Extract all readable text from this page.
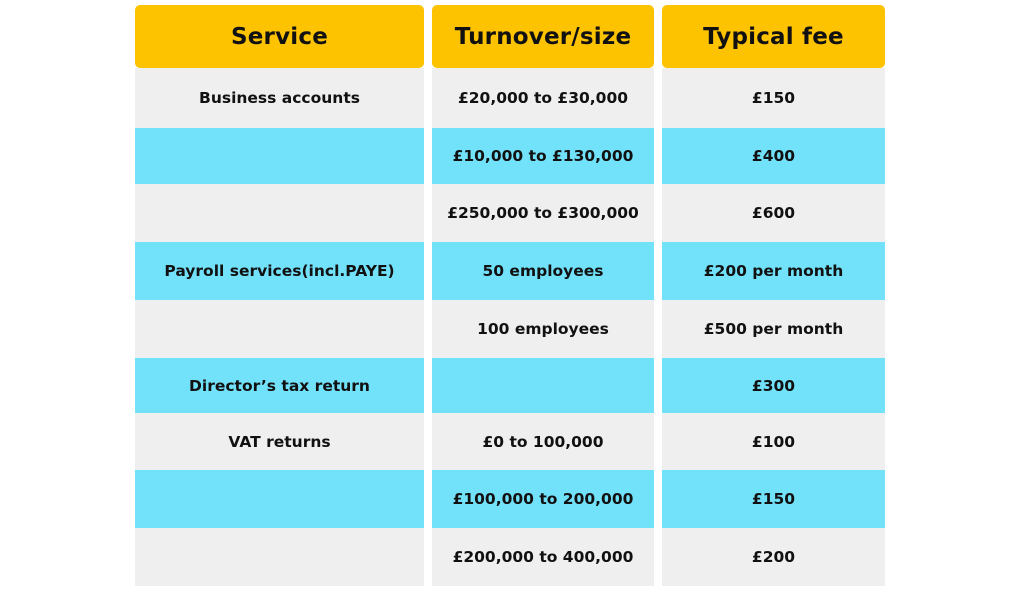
Service
Business accounts
Payroll services(incl.PAYE)
Director’s tax return
VAT returns
Turnover/size
£20,000 to £30,000
£10,000 to £130,000
£250,000 to £300,000
50 employees
100 employees
£0 to 100,000
£100,000 to 200,000
£200,000 to 400,000
Typical fee
£150
£400
£600
£200 per month
£500 per month
£300
£100
£150
£200
